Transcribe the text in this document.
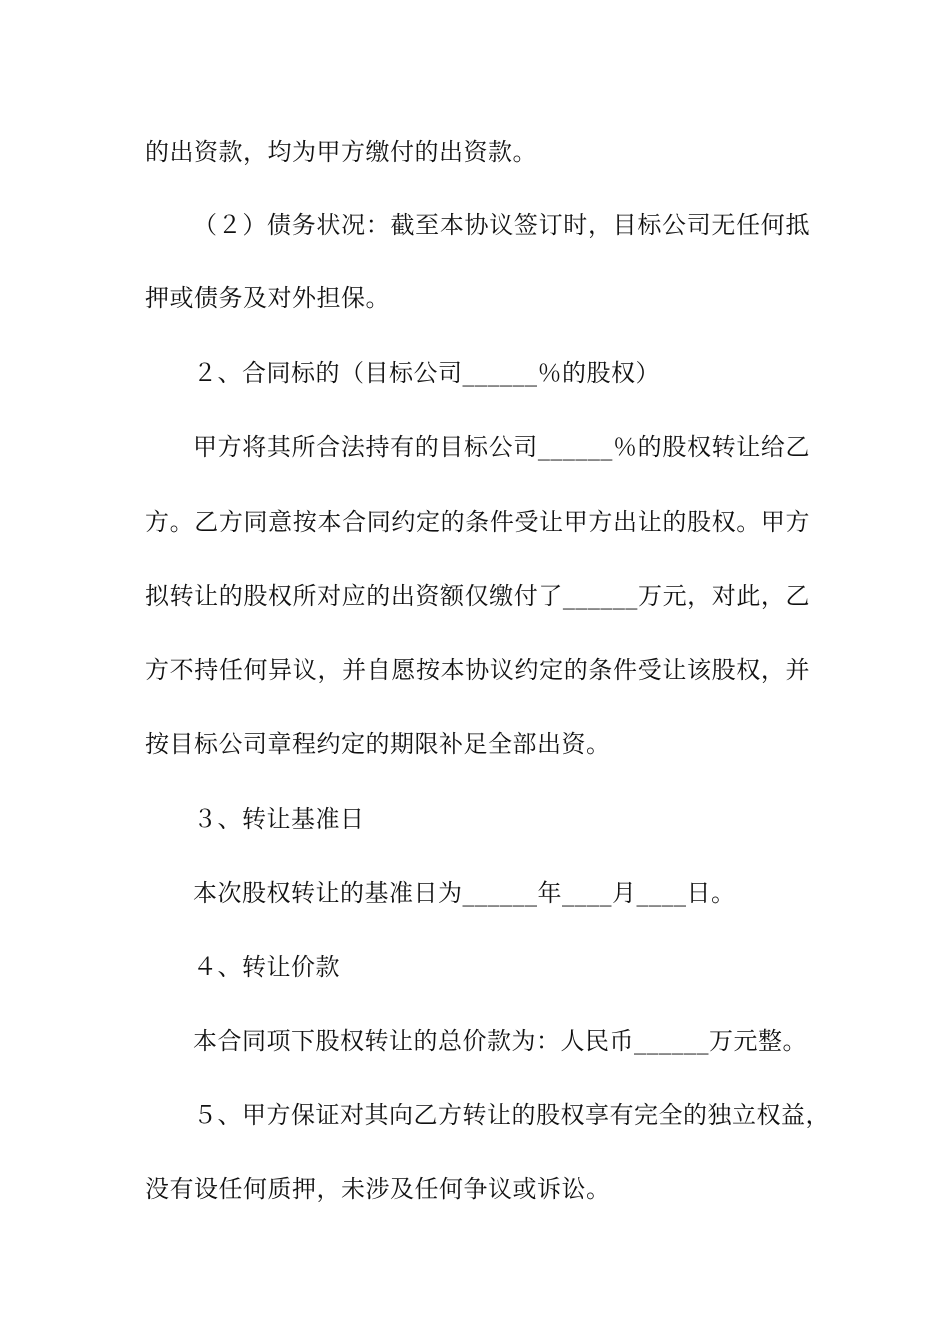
的出资款，均为甲方缴付的出资款。
（２）债务状况：截至本协议签订时，目标公司无任何抵
押或债务及对外担保。
２、合同标的（目标公司______％的股权）
甲方将其所合法持有的目标公司______％的股权转让给乙
方。乙方同意按本合同约定的条件受让甲方出让的股权。甲方
拟转让的股权所对应的出资额仅缴付了______万元，对此，乙
方不持任何异议，并自愿按本协议约定的条件受让该股权，并
按目标公司章程约定的期限补足全部出资。
３、转让基准日
本次股权转让的基准日为______年____月____日。
４、转让价款
本合同项下股权转让的总价款为：人民币______万元整。
５、甲方保证对其向乙方转让的股权享有完全的独立权益，
没有设任何质押，未涉及任何争议或诉讼。
